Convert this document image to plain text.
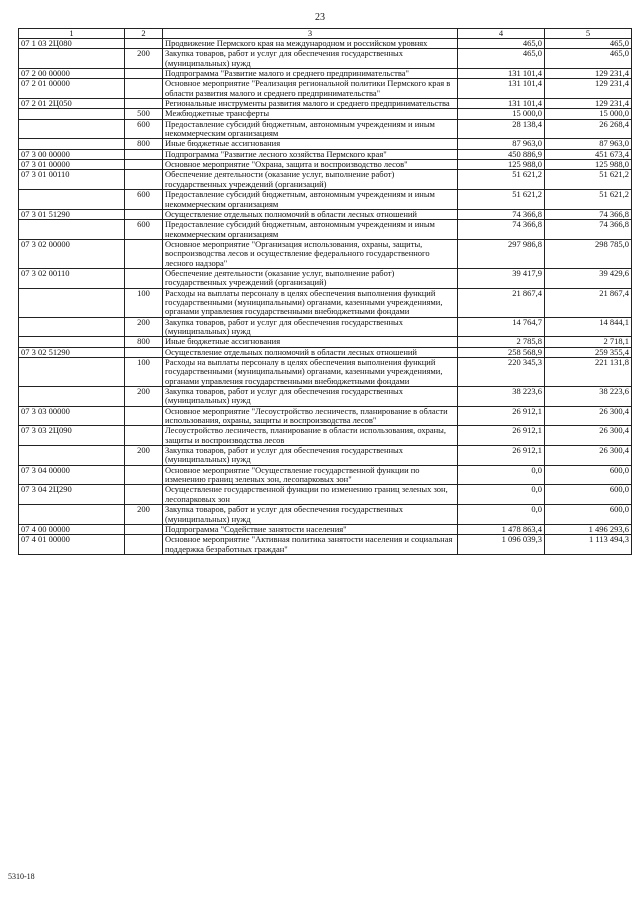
23
1	2	3	4	5
07 1 03 2Ц080		Продвижение Пермского края на международном и российском уровнях	465,0	465,0
	200	Закупка товаров, работ и услуг для обеспечения государственных (муниципальных) нужд	465,0	465,0
07 2 00 00000		Подпрограмма "Развитие малого и среднего предпринимательства"	131 101,4	129 231,4
07 2 01 00000		Основное мероприятие "Реализация региональной политики Пермского края в области развития малого и среднего предпринимательства"	131 101,4	129 231,4
07 2 01 2Ц050		Региональные инструменты развития малого и среднего предпринимательства	131 101,4	129 231,4
	500	Межбюджетные трансферты	15 000,0	15 000,0
	600	Предоставление субсидий бюджетным, автономным учреждениям и иным некоммерческим организациям	28 138,4	26 268,4
	800	Иные бюджетные ассигнования	87 963,0	87 963,0
07 3 00 00000		Подпрограмма "Развитие лесного хозяйства Пермского края"	450 886,9	451 673,4
07 3 01 00000		Основное мероприятие "Охрана, защита и воспроизводство лесов"	125 988,0	125 988,0
07 3 01 00110		Обеспечение деятельности (оказание услуг, выполнение работ) государственных учреждений (организаций)	51 621,2	51 621,2
	600	Предоставление субсидий бюджетным, автономным учреждениям и иным некоммерческим организациям	51 621,2	51 621,2
07 3 01 51290		Осуществление отдельных полномочий в области лесных отношений	74 366,8	74 366,8
	600	Предоставление субсидий бюджетным, автономным учреждениям и иным некоммерческим организациям	74 366,8	74 366,8
07 3 02 00000		Основное мероприятие "Организация использования, охраны, защиты, воспроизводства лесов и осуществление федерального государственного лесного надзора"	297 986,8	298 785,0
07 3 02 00110		Обеспечение деятельности (оказание услуг, выполнение работ) государственных учреждений (организаций)	39 417,9	39 429,6
	100	Расходы на выплаты персоналу в целях обеспечения выполнения функций государственными (муниципальными) органами, казенными учреждениями, органами управления государственными внебюджетными фондами	21 867,4	21 867,4
	200	Закупка товаров, работ и услуг для обеспечения государственных (муниципальных) нужд	14 764,7	14 844,1
	800	Иные бюджетные ассигнования	2 785,8	2 718,1
07 3 02 51290		Осуществление отдельных полномочий в области лесных отношений	258 568,9	259 355,4
	100	Расходы на выплаты персоналу в целях обеспечения выполнения функций государственными (муниципальными) органами, казенными учреждениями, органами управления государственными внебюджетными фондами	220 345,3	221 131,8
	200	Закупка товаров, работ и услуг для обеспечения государственных (муниципальных) нужд	38 223,6	38 223,6
07 3 03 00000		Основное мероприятие "Лесоустройство лесничеств, планирование в области использования, охраны, защиты и воспроизводства лесов"	26 912,1	26 300,4
07 3 03 2Ц090		Лесоустройство лесничеств, планирование в области использования, охраны, защиты и воспроизводства лесов	26 912,1	26 300,4
	200	Закупка товаров, работ и услуг для обеспечения государственных (муниципальных) нужд	26 912,1	26 300,4
07 3 04 00000		Основное мероприятие "Осуществление государственной функции по изменению границ зеленых зон, лесопарковых зон"	0,0	600,0
07 3 04 2Ц290		Осуществление государственной функции по изменению границ зеленых зон, лесопарковых зон	0,0	600,0
	200	Закупка товаров, работ и услуг для обеспечения государственных (муниципальных) нужд	0,0	600,0
07 4 00 00000		Подпрограмма "Содействие занятости населения"	1 478 863,4	1 496 293,6
07 4 01 00000		Основное мероприятие "Активная политика занятости населения и социальная поддержка безработных граждан"	1 096 039,3	1 113 494,3
5310-18
